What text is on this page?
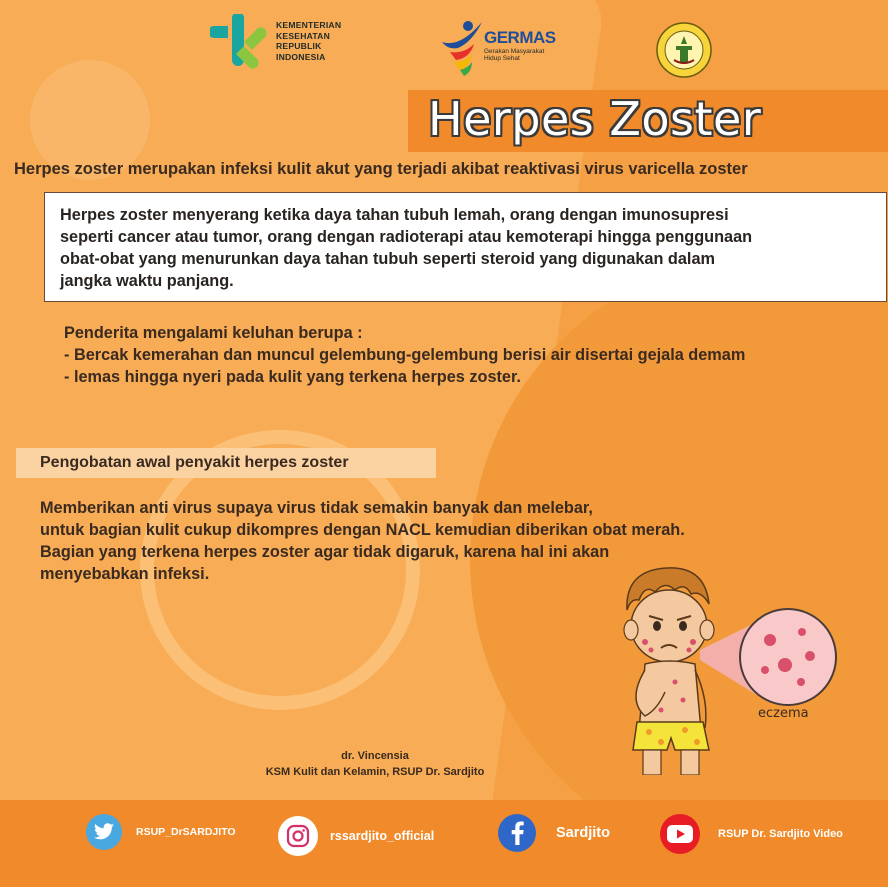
KEMENTERIAN
KESEHATAN
REPUBLIK
INDONESIA
GERMAS
Gerakan Masyarakat
Hidup Sehat
Herpes Zoster
Herpes zoster merupakan infeksi kulit akut yang terjadi akibat reaktivasi virus varicella zoster
Herpes zoster menyerang ketika daya tahan tubuh lemah, orang dengan imunosupresi
seperti cancer atau tumor, orang dengan radioterapi atau kemoterapi hingga penggunaan
obat-obat yang menurunkan daya tahan tubuh seperti steroid yang digunakan dalam
jangka waktu panjang.
Penderita mengalami keluhan berupa :
- Bercak kemerahan dan muncul gelembung-gelembung berisi air disertai gejala demam
- lemas hingga nyeri pada kulit yang terkena herpes zoster.
Pengobatan awal penyakit herpes zoster
Memberikan anti virus supaya virus tidak semakin banyak dan melebar,
untuk bagian kulit cukup dikompres dengan NACL kemudian diberikan obat merah.
Bagian yang terkena herpes zoster agar tidak digaruk, karena hal ini akan
menyebabkan infeksi.
eczema
dr. Vincensia
KSM Kulit dan Kelamin, RSUP Dr. Sardjito
RSUP_DrSARDJITO	rssardjito_official	Sardjito	RSUP Dr. Sardjito Video
